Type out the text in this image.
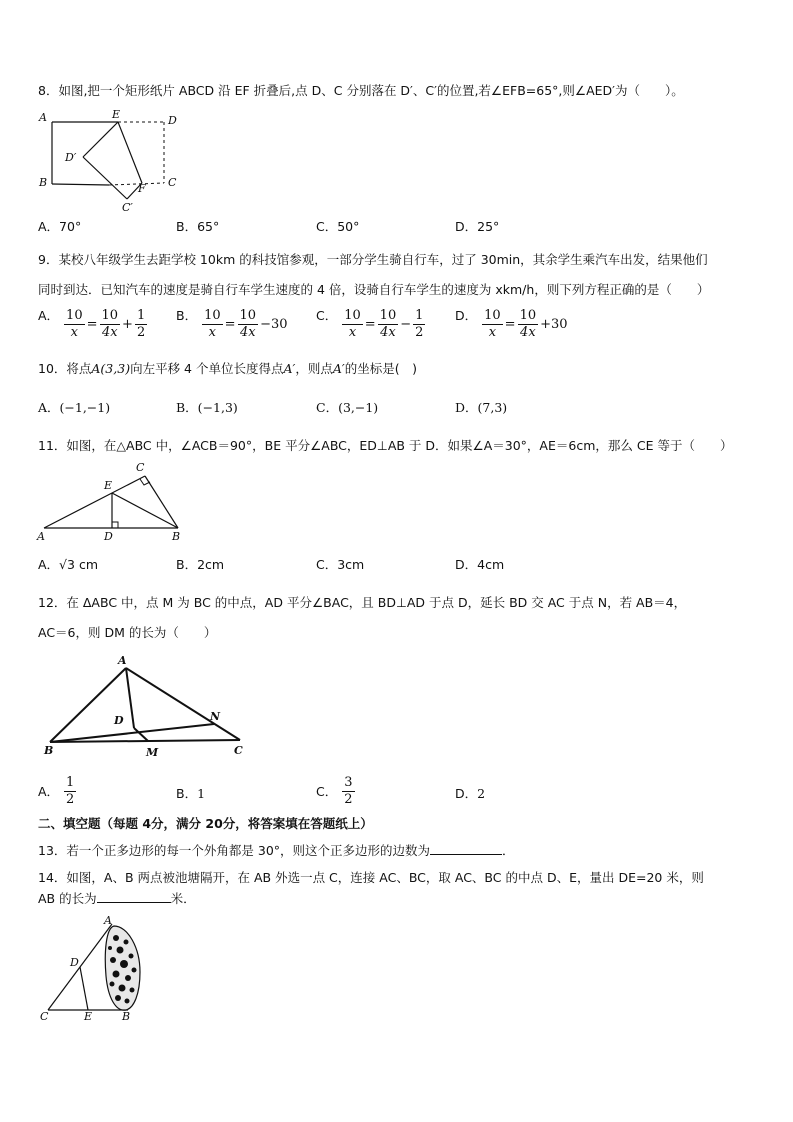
8．如图,把一个矩形纸片 ABCD 沿 EF 折叠后,点 D、C 分别落在 D′、C′的位置,若∠EFB=65°,则∠AED′为（　　）。
A	E	D
D′
B	F C
C′
A．70°	B．65°	C．50°	D．25°
9．某校八年级学生去距学校 10km 的科技馆参观，一部分学生骑自行车，过了 30min，其余学生乘汽车出发，结果他们
同时到达．已知汽车的速度是骑自行车学生速度的 4 倍，设骑自行车学生的速度为 xkm/h，则下列方程正确的是（　　）
A． $\frac{10}{x} = \frac{10}{4x} + \frac{1}{2}$ B． $\frac{10}{x} = \frac{10}{4x} -30$
C． $\frac{10}{x} = \frac{10}{4x} - \frac{1}{2}$ D． $\frac{10}{x} = \frac{10}{4x} +30$
10．将点A(3,3)向左平移 4 个单位长度得点A′，则点A′的坐标是(　)
A．(−1,−1)	B．(−1,3)	C．(3,−1)	D．(7,3)
11．如图，在△ABC 中，∠ACB＝90°，BE 平分∠ABC，ED⊥AB 于 D．如果∠A＝30°，AE＝6cm，那么 CE 等于（　　）
C
E
A	D	B
A．√3 cm	B．2cm	C．3cm	D．4cm
12．在 ΔABC 中，点 M 为 BC 的中点，AD 平分∠BAC，且 BD⊥AD 于点 D，延长 BD 交 AC 于点 N，若 AB＝4，
AC＝6，则 DM 的长为（　　）
A
D	N
B	M	C
A． $\frac{1}{2}$	B．1	C． $\frac{3}{2}$	D．2
二、填空题（每题 4分，满分 20分，将答案填在答题纸上）
13．若一个正多边形的每一个外角都是 30°，则这个正多边形的边数为	．
14．如图，A、B 两点被池塘隔开，在 AB 外选一点 C，连接 AC、BC，取 AC、BC 的中点 D、E，量出 DE=20 米，则
AB 的长为	米．
A
D
C	E	B
